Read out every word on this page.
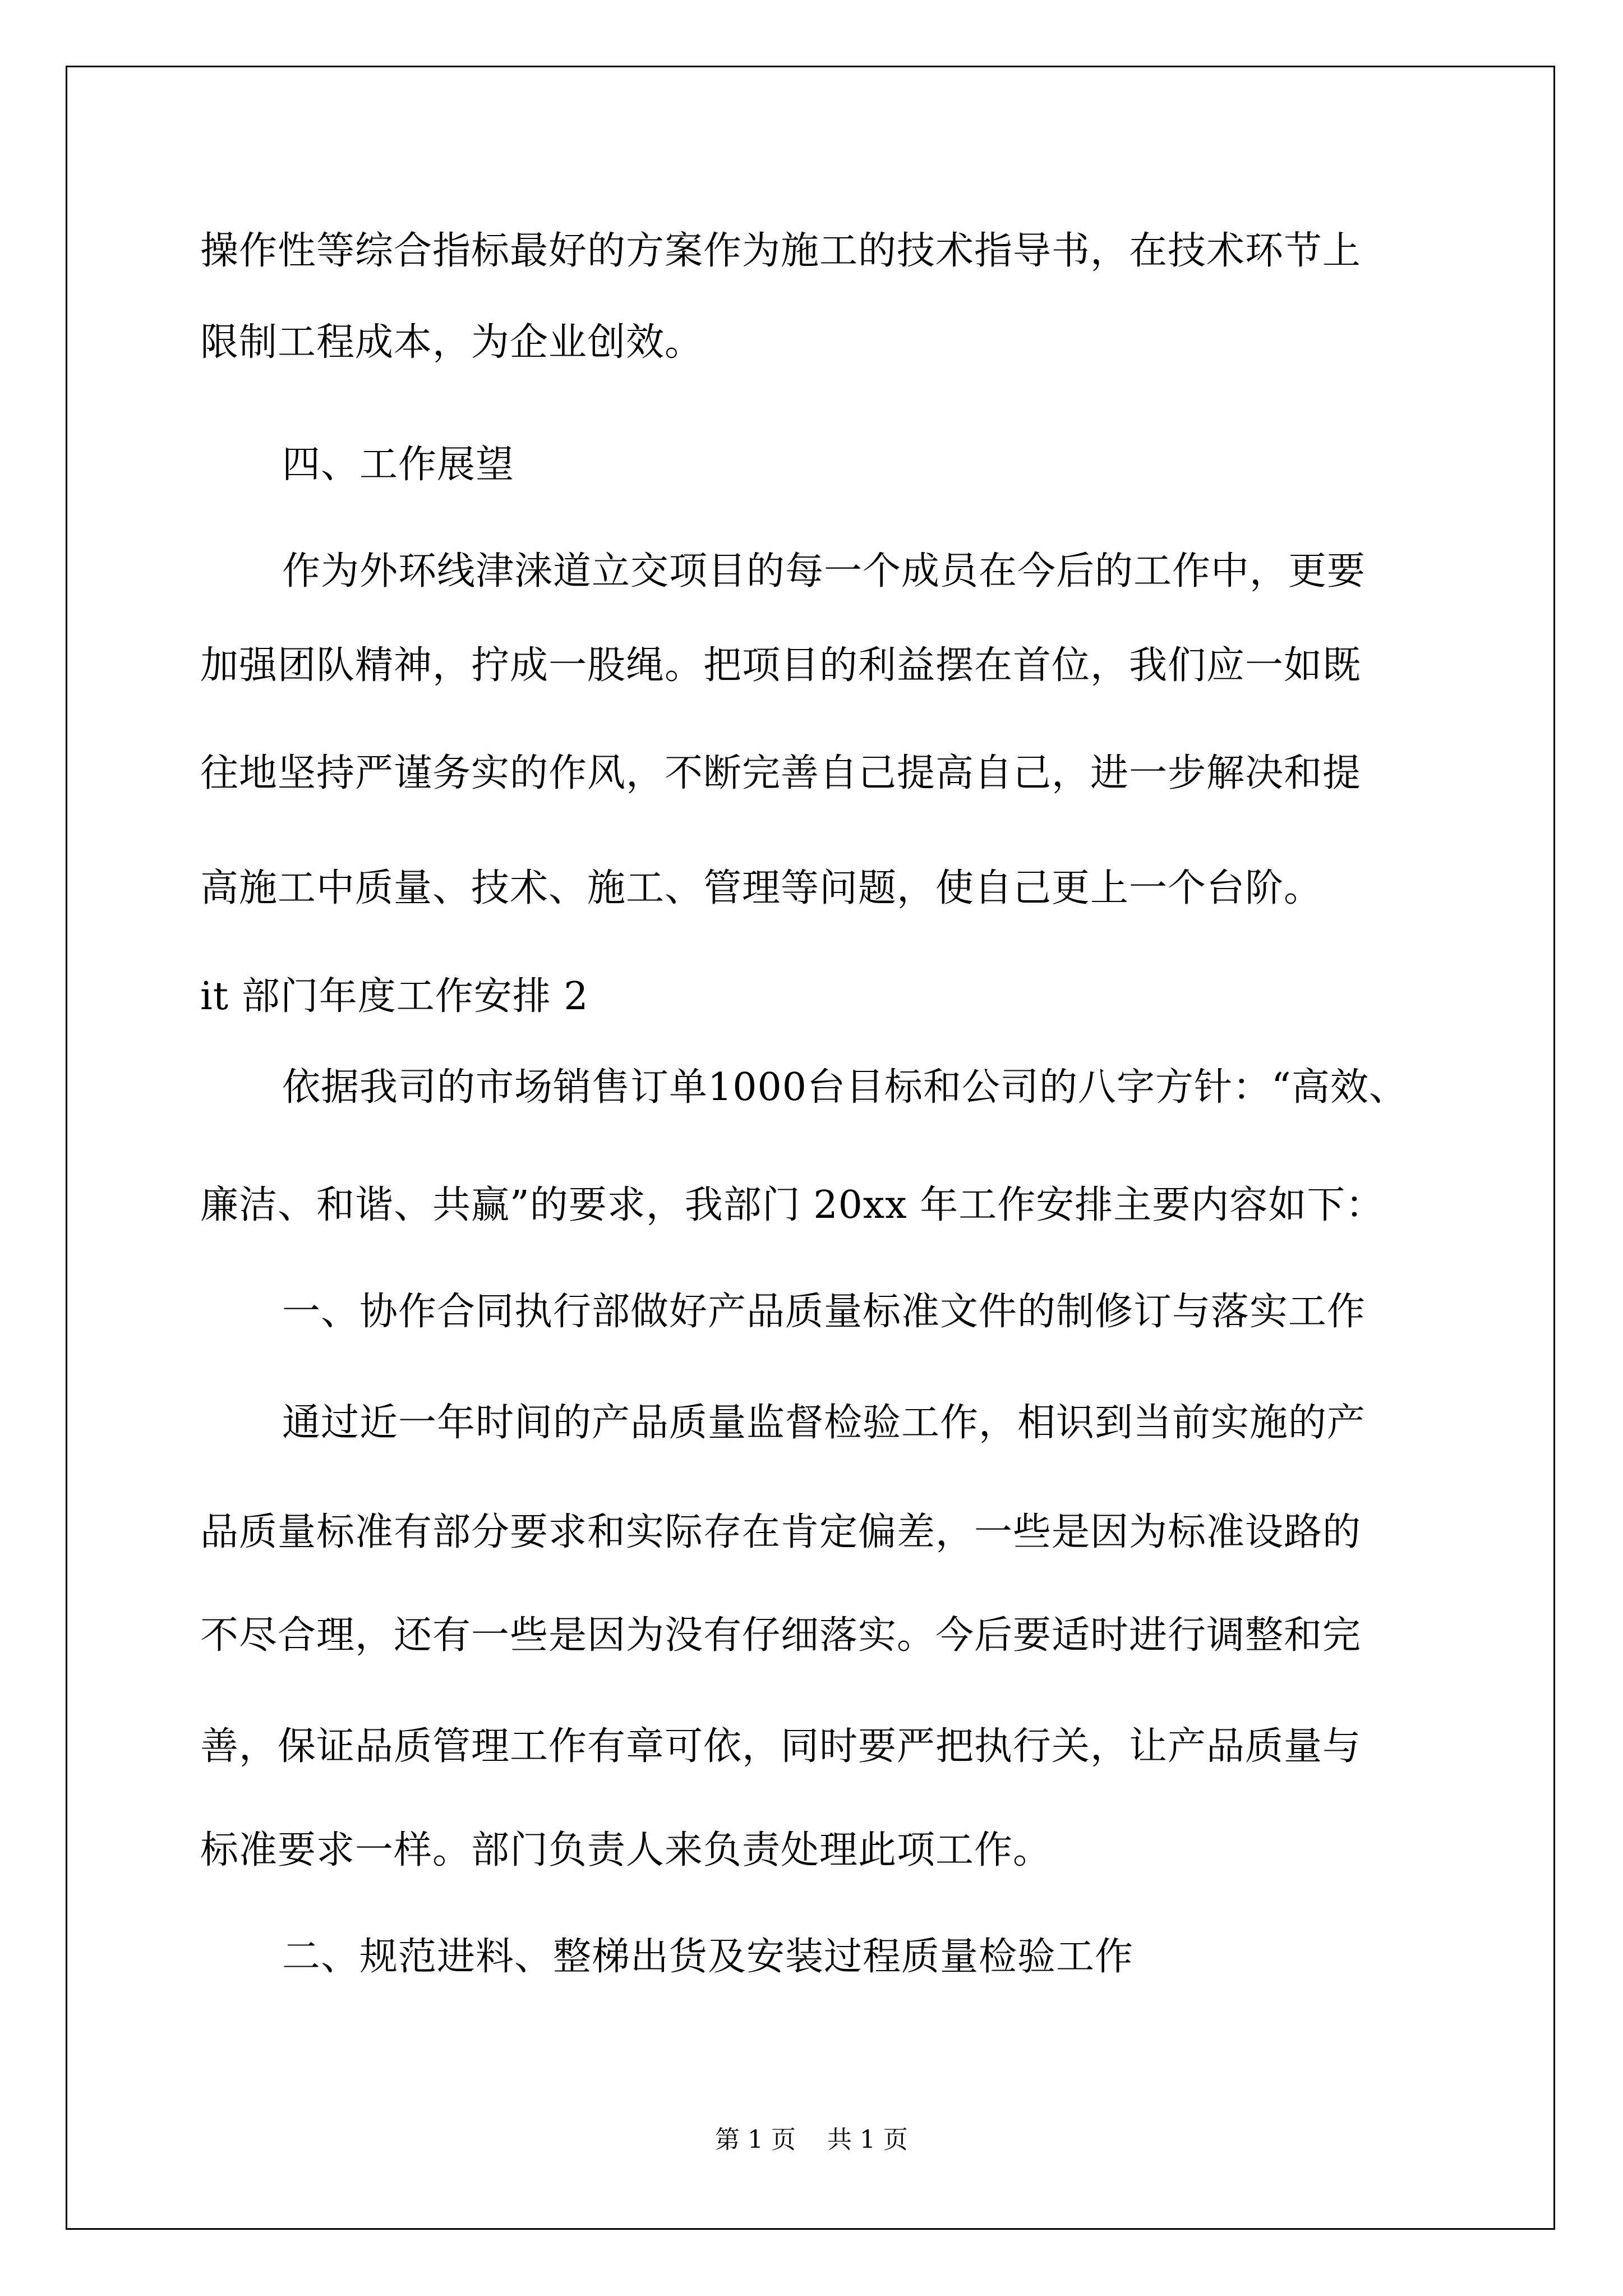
操作性等综合指标最好的方案作为施工的技术指导书，在技术环节上
限制工程成本，为企业创效。
四、工作展望
作为外环线津涞道立交项目的每一个成员在今后的工作中，更要
加强团队精神，拧成一股绳。把项目的利益摆在首位，我们应一如既
往地坚持严谨务实的作风，不断完善自己提高自己，进一步解决和提
高施工中质量、技术、施工、管理等问题，使自己更上一个台阶。
it 部门年度工作安排 2
依据我司的市场销售订单1000台目标和公司的八字方针：“高效、
廉洁、和谐、共赢”的要求，我部门 20xx 年工作安排主要内容如下：
一、协作合同执行部做好产品质量标准文件的制修订与落实工作
通过近一年时间的产品质量监督检验工作，相识到当前实施的产
品质量标准有部分要求和实际存在肯定偏差，一些是因为标准设路的
不尽合理，还有一些是因为没有仔细落实。今后要适时进行调整和完
善，保证品质管理工作有章可依，同时要严把执行关，让产品质量与
标准要求一样。部门负责人来负责处理此项工作。
二、规范进料、整梯出货及安装过程质量检验工作
第 1 页    共 1 页
